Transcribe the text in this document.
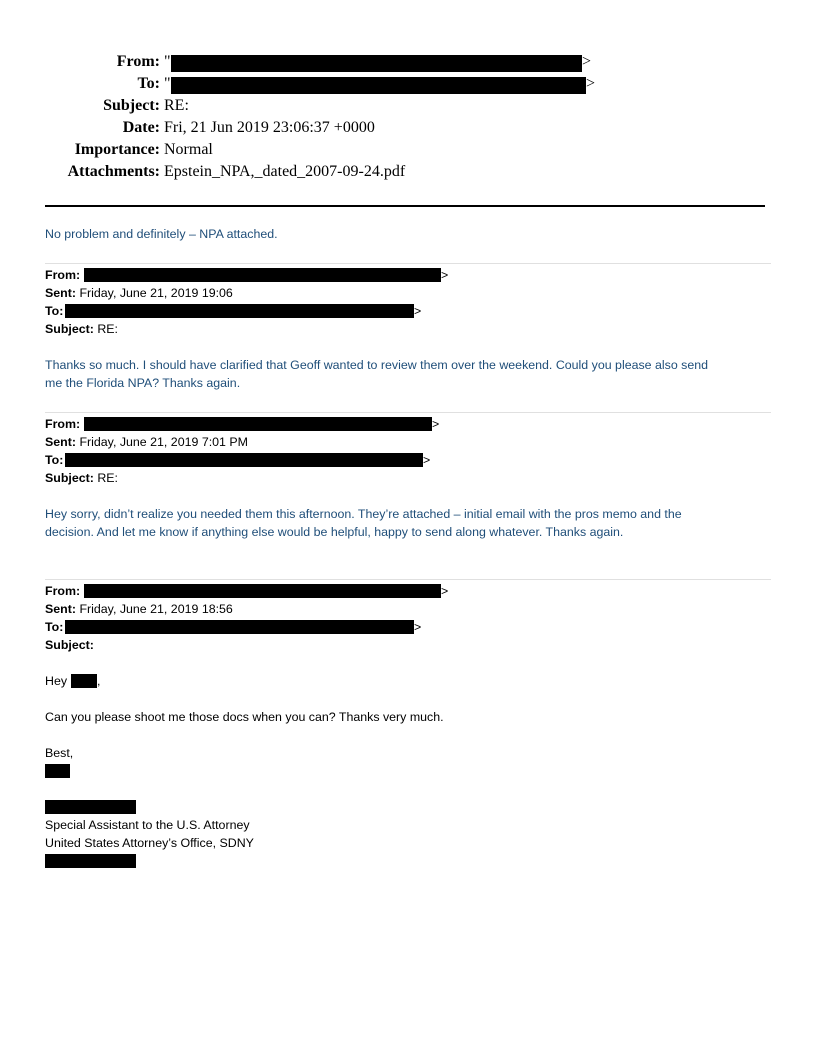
From: "	>
To: "	>
Subject: RE:
Date: Fri, 21 Jun 2019 23:06:37 +0000
Importance: Normal
Attachments: Epstein_NPA,_dated_2007-09-24.pdf
No problem and definitely – NPA attached.
From:	>
Sent: Friday, June 21, 2019 19:06
To:	>
Subject: RE:
Thanks so much. I should have clarified that Geoff wanted to review them over the weekend. Could you please also send
me the Florida NPA? Thanks again.
From:	>
Sent: Friday, June 21, 2019 7:01 PM
To:	>
Subject: RE:
Hey sorry, didn’t realize you needed them this afternoon. They’re attached – initial email with the pros memo and the
decision. And let me know if anything else would be helpful, happy to send along whatever. Thanks again.
From:	>
Sent: Friday, June 21, 2019 18:56
To:	>
Subject:
Hey ,
Can you please shoot me those docs when you can? Thanks very much.
Best,
Special Assistant to the U.S. Attorney
United States Attorney’s Office, SDNY
